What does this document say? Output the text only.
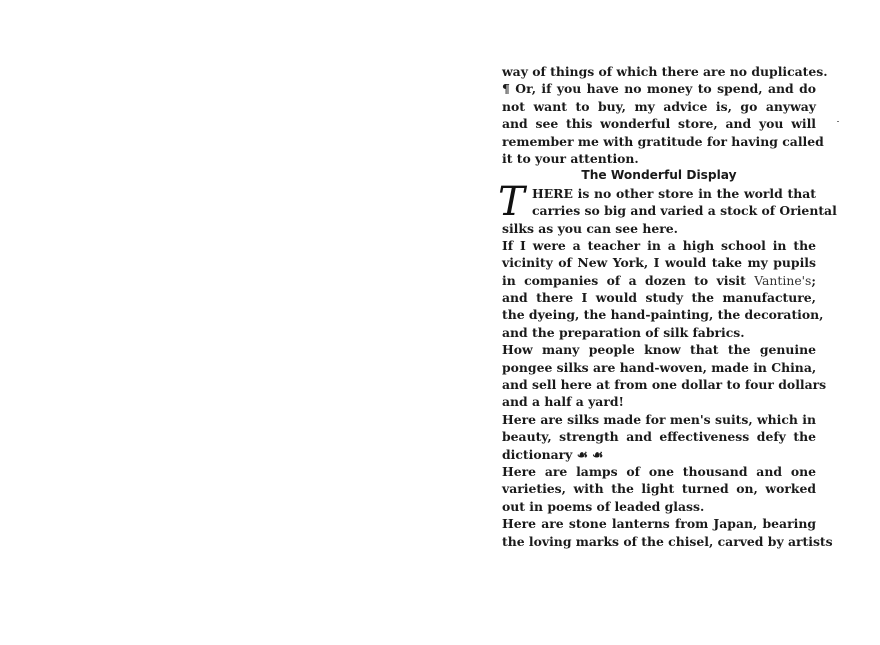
way of things of which there are no duplicates.
¶ Or, if you have no money to spend, and do
not want to buy, my advice is, go anyway
and see this wonderful store, and you will
remember me with gratitude for having called
it to your attention.
The Wonderful Display
T HERE is no other store in the world that
carries so big and varied a stock of Oriental
silks as you can see here.
If I were a teacher in a high school in the
vicinity of New York, I would take my pupils
in companies of a dozen to visit Vantine's;
and there I would study the manufacture,
the dyeing, the hand-painting, the decoration,
and the preparation of silk fabrics.
How many people know that the genuine
pongee silks are hand-woven, made in China,
and sell here at from one dollar to four dollars
and a half a yard!
Here are silks made for men's suits, which in
beauty, strength and effectiveness defy the
dictionary ☙ ☙
Here are lamps of one thousand and one
varieties, with the light turned on, worked
out in poems of leaded glass.
Here are stone lanterns from Japan, bearing
the loving marks of the chisel, carved by artists
